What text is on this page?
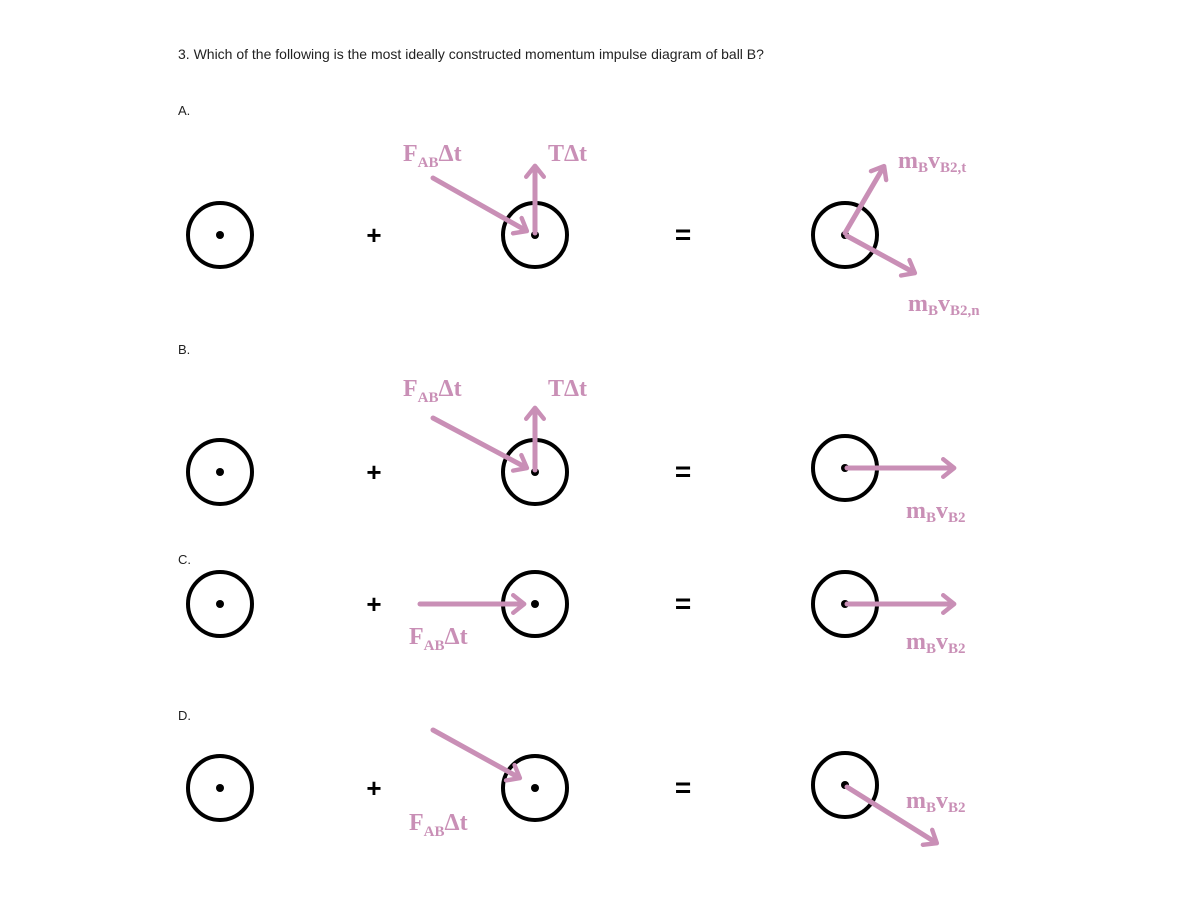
3. Which of the following is the most ideally constructed momentum impulse diagram of ball B?
A.
B.
C.
D.
+
$F_{AB}\Delta t$	TΔt
=
mBvB2,t
mBvB2,n
+
$F_{AB}\Delta t$	TΔt
=
mBvB2
+
$F_{AB}\Delta t$
=
mBvB2
+
$F_{AB}\Delta t$
=	mBvB2
